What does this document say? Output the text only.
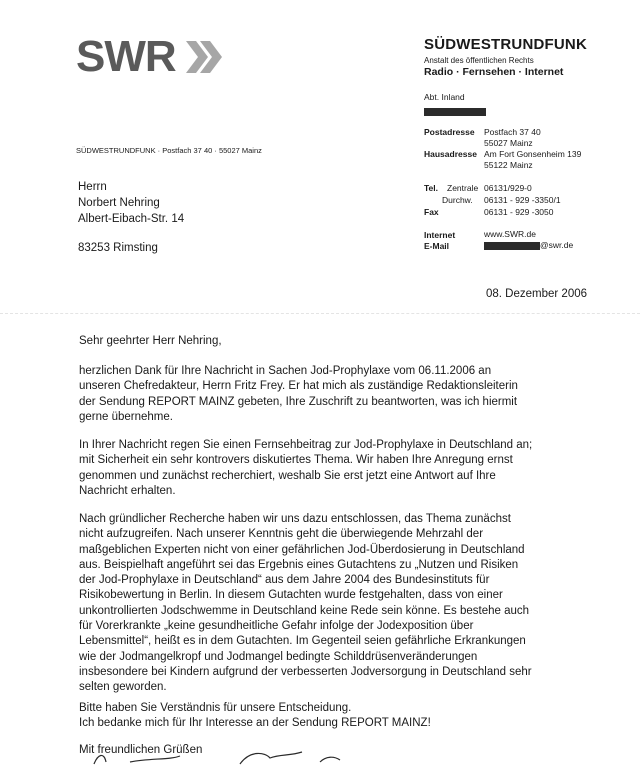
SWR	SÜDWESTRUNDFUNK
Anstalt des öffentlichen Rechts
Radio · Fernsehen · Internet
Abt. Inland
Postadresse Postfach 37 40
55027 Mainz
Hausadresse Am Fort Gonsenheim 139
55122 Mainz
Tel. Zentrale 06131/929-0
Durchw. 06131 - 929 -3350/1
Fax	06131 - 929 -3050
Internet	www.SWR.de
E-Mail	@swr.de
SÜDWESTRUNDFUNK · Postfach 37 40 · 55027 Mainz
Herrn
Norbert Nehring
Albert-Eibach-Str. 14
83253 Rimsting
08. Dezember 2006
Sehr geehrter Herr Nehring,
herzlichen Dank für Ihre Nachricht in Sachen Jod-Prophylaxe vom 06.11.2006 an
unseren Chefredakteur, Herrn Fritz Frey. Er hat mich als zuständige Redaktionsleiterin
der Sendung REPORT MAINZ gebeten, Ihre Zuschrift zu beantworten, was ich hiermit
gerne übernehme.
In Ihrer Nachricht regen Sie einen Fernsehbeitrag zur Jod-Prophylaxe in Deutschland an;
mit Sicherheit ein sehr kontrovers diskutiertes Thema. Wir haben Ihre Anregung ernst
genommen und zunächst recherchiert, weshalb Sie erst jetzt eine Antwort auf Ihre
Nachricht erhalten.
Nach gründlicher Recherche haben wir uns dazu entschlossen, das Thema zunächst
nicht aufzugreifen. Nach unserer Kenntnis geht die überwiegende Mehrzahl der
maßgeblichen Experten nicht von einer gefährlichen Jod-Überdosierung in Deutschland
aus. Beispielhaft angeführt sei das Ergebnis eines Gutachtens zu „Nutzen und Risiken
der Jod-Prophylaxe in Deutschland“ aus dem Jahre 2004 des Bundesinstituts für
Risikobewertung in Berlin. In diesem Gutachten wurde festgehalten, dass von einer
unkontrollierten Jodschwemme in Deutschland keine Rede sein könne. Es bestehe auch
für Vorerkrankte „keine gesundheitliche Gefahr infolge der Jodexposition über
Lebensmittel“, heißt es in dem Gutachten. Im Gegenteil seien gefährliche Erkrankungen
wie der Jodmangelkropf und Jodmangel bedingte Schilddrüsenveränderungen
insbesondere bei Kindern aufgrund der verbesserten Jodversorgung in Deutschland sehr
selten geworden.
Bitte haben Sie Verständnis für unsere Entscheidung.
Ich bedanke mich für Ihr Interesse an der Sendung REPORT MAINZ!
Mit freundlichen Grüßen
